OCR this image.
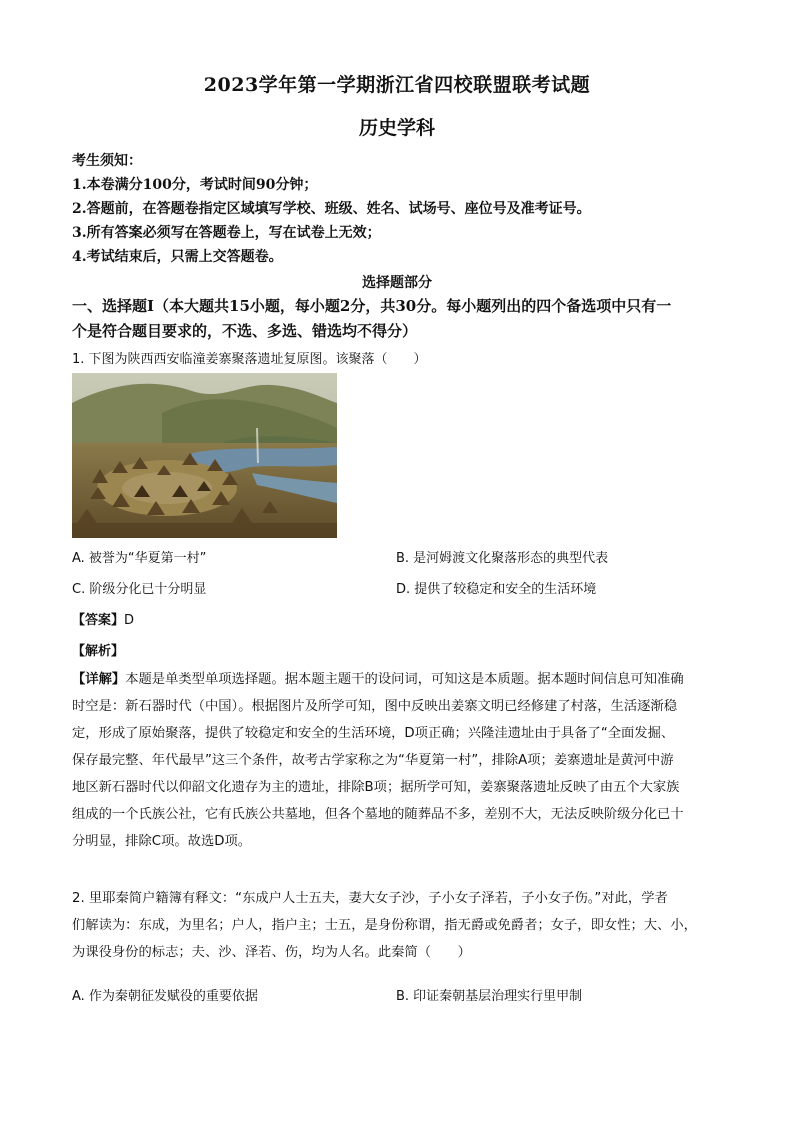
2023学年第一学期浙江省四校联盟联考试题
历史学科
考生须知：
1.本卷满分100分，考试时间90分钟；
2.答题前，在答题卷指定区域填写学校、班级、姓名、试场号、座位号及准考证号。
3.所有答案必须写在答题卷上，写在试卷上无效；
4.考试结束后，只需上交答题卷。
选择题部分
一、选择题Ⅰ（本大题共15小题，每小题2分，共30分。每小题列出的四个备选项中只有一
个是符合题目要求的，不选、多选、错选均不得分）
1. 下图为陕西西安临潼姜寨聚落遗址复原图。该聚落（　　）
A. 被誉为“华夏第一村”	B. 是河姆渡文化聚落形态的典型代表
C. 阶级分化已十分明显	D. 提供了较稳定和安全的生活环境
【答案】D
【解析】
【详解】本题是单类型单项选择题。据本题主题干的设问词，可知这是本质题。据本题时间信息可知准确
时空是：新石器时代（中国）。根据图片及所学可知，图中反映出姜寨文明已经修建了村落，生活逐渐稳
定，形成了原始聚落，提供了较稳定和安全的生活环境，D项正确；兴隆洼遗址由于具备了“全面发掘、
保存最完整、年代最早”这三个条件，故考古学家称之为“华夏第一村”，排除A项；姜寨遗址是黄河中游
地区新石器时代以仰韶文化遗存为主的遗址，排除B项；据所学可知，姜寨聚落遗址反映了由五个大家族
组成的一个氏族公社，它有氏族公共墓地，但各个墓地的随葬品不多，差别不大，无法反映阶级分化已十
分明显，排除C项。故选D项。
2. 里耶秦简户籍簿有释文：“东成户人士五夫，妻大女子沙，子小女子泽若，子小女子伤。”对此，学者
们解读为：东成，为里名；户人，指户主；士五，是身份称谓，指无爵或免爵者；女子，即女性；大、小，
为课役身份的标志；夫、沙、泽若、伤，均为人名。此秦简（　　）
A. 作为秦朝征发赋役的重要依据	B. 印证秦朝基层治理实行里甲制
